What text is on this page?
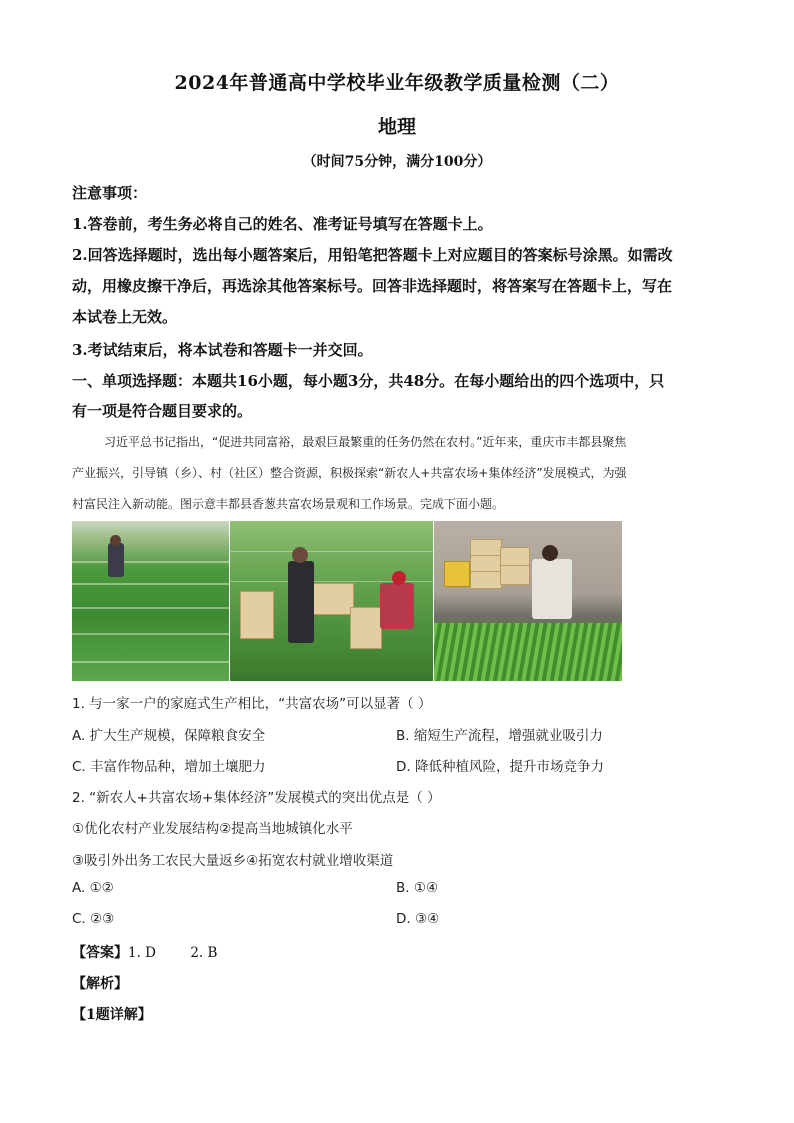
2024年普通高中学校毕业年级教学质量检测（二）
地理
（时间75分钟，满分100分）
注意事项：
1.答卷前，考生务必将自己的姓名、准考证号填写在答题卡上。
2.回答选择题时，选出每小题答案后，用铅笔把答题卡上对应题目的答案标号涂黑。如需改
动，用橡皮擦干净后，再选涂其他答案标号。回答非选择题时，将答案写在答题卡上，写在
本试卷上无效。
3.考试结束后，将本试卷和答题卡一并交回。
一、单项选择题：本题共16小题，每小题3分，共48分。在每小题给出的四个选项中，只
有一项是符合题目要求的。
习近平总书记指出，“促进共同富裕，最艰巨最繁重的任务仍然在农村。”近年来，重庆市丰都县聚焦
产业振兴，引导镇（乡）、村（社区）整合资源，积极探索“新农人+共富农场+集体经济”发展模式，为强
村富民注入新动能。图示意丰都县香葱共富农场景观和工作场景。完成下面小题。
1. 与一家一户的家庭式生产相比，“共富农场”可以显著（ ）
A. 扩大生产规模，保障粮食安全	B. 缩短生产流程，增强就业吸引力
C. 丰富作物品种，增加土壤肥力	D. 降低种植风险，提升市场竞争力
2. “新农人+共富农场+集体经济”发展模式的突出优点是（ ）
①优化农村产业发展结构②提高当地城镇化水平
③吸引外出务工农民大量返乡④拓宽农村就业增收渠道
A. ①②	B. ①④
C. ②③	D. ③④
【答案】1. D        2. B
【解析】
【1题详解】
